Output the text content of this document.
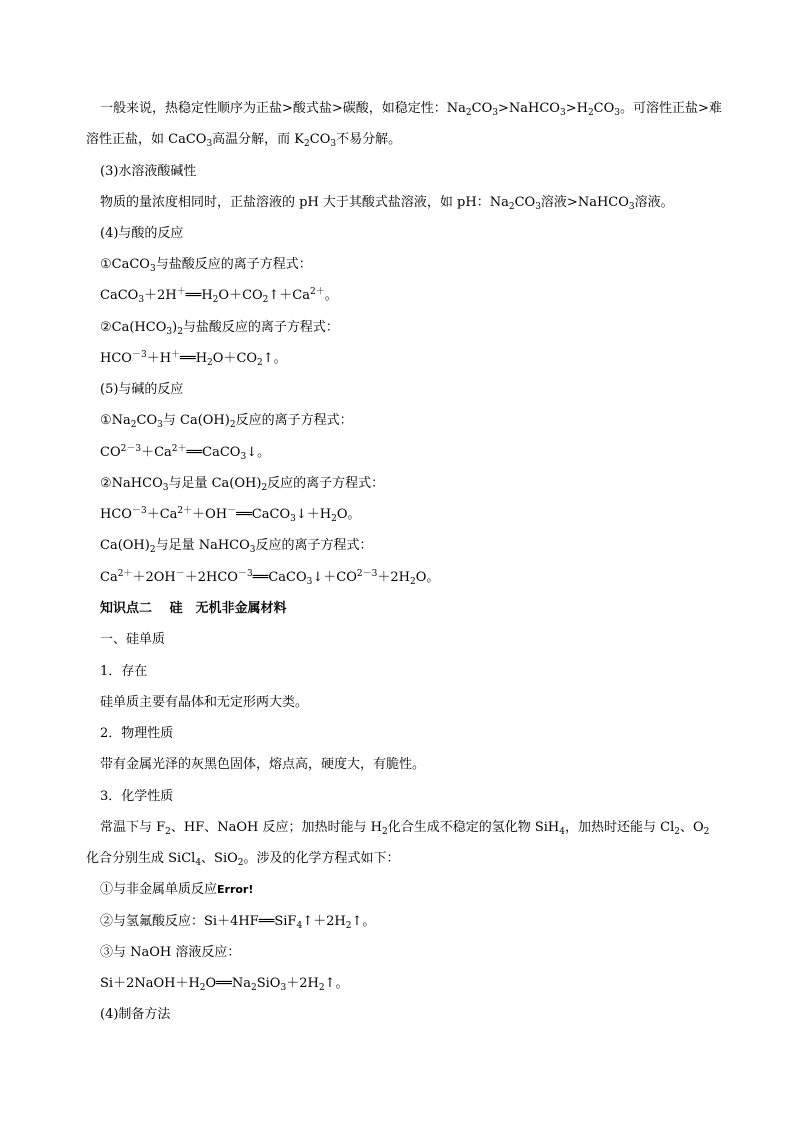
一般来说，热稳定性顺序为正盐>酸式盐>碳酸，如稳定性：$Na_2CO_3>NaHCO_3>H_2CO_3$。可溶性正盐>难
溶性正盐，如 CaCO$_3$高温分解，而 $K_2CO_3$不易分解。
(3)水溶液酸碱性
物质的量浓度相同时，正盐溶液的 pH 大于其酸式盐溶液，如 pH：$Na_2CO_3$溶液>NaHCO$_3$溶液。
(4)与酸的反应
①CaCO$_3$与盐酸反应的离子方程式：
$CaCO_3+2H^+══H_2O+CO_2↑+Ca^{2+}$。
$②Ca(HCO_3)_2$与盐酸反应的离子方程式：
$HCO^{-3}+H^+══H_2O+CO_2↑$。
(5)与碱的反应
$①Na_2CO_3$与 $Ca(OH)_2$反应的离子方程式：
$CO^{2-3}+Ca^{2+}══CaCO_3↓$。
②NaHCO$_3$与足量 $Ca(OH)_2$反应的离子方程式：
$HCO^{-3}+Ca^{2+}+OH^-══CaCO_3↓+H_2O$。
$Ca(OH)_2$与足量 NaHCO$_3$反应的离子方程式：
$Ca^{2+}+2OH^-+2HCO^{-3}══CaCO_3↓+CO^{2-3}+2H_2O$。
知识点二　 硅　无机非金属材料
一、硅单质
1．存在
硅单质主要有晶体和无定形两大类。
2．物理性质
带有金属光泽的灰黑色固体，熔点高，硬度大，有脆性。
3．化学性质
常温下与 $F_2$、HF、NaOH 反应；加热时能与 $H_2$化合生成不稳定的氢化物 SiH$_4$，加热时还能与 $Cl_2$、$O_2$
化合分别生成 SiCl$_4$、SiO$_2$。涉及的化学方程式如下：
①与非金属单质反应Error!
②与氢氟酸反应：$Si+4HF══SiF_4↑+2H_2↑$。
③与 NaOH 溶液反应：
$Si+2NaOH+H_2O══Na_2SiO_3+2H_2↑$。
(4)制备方法
